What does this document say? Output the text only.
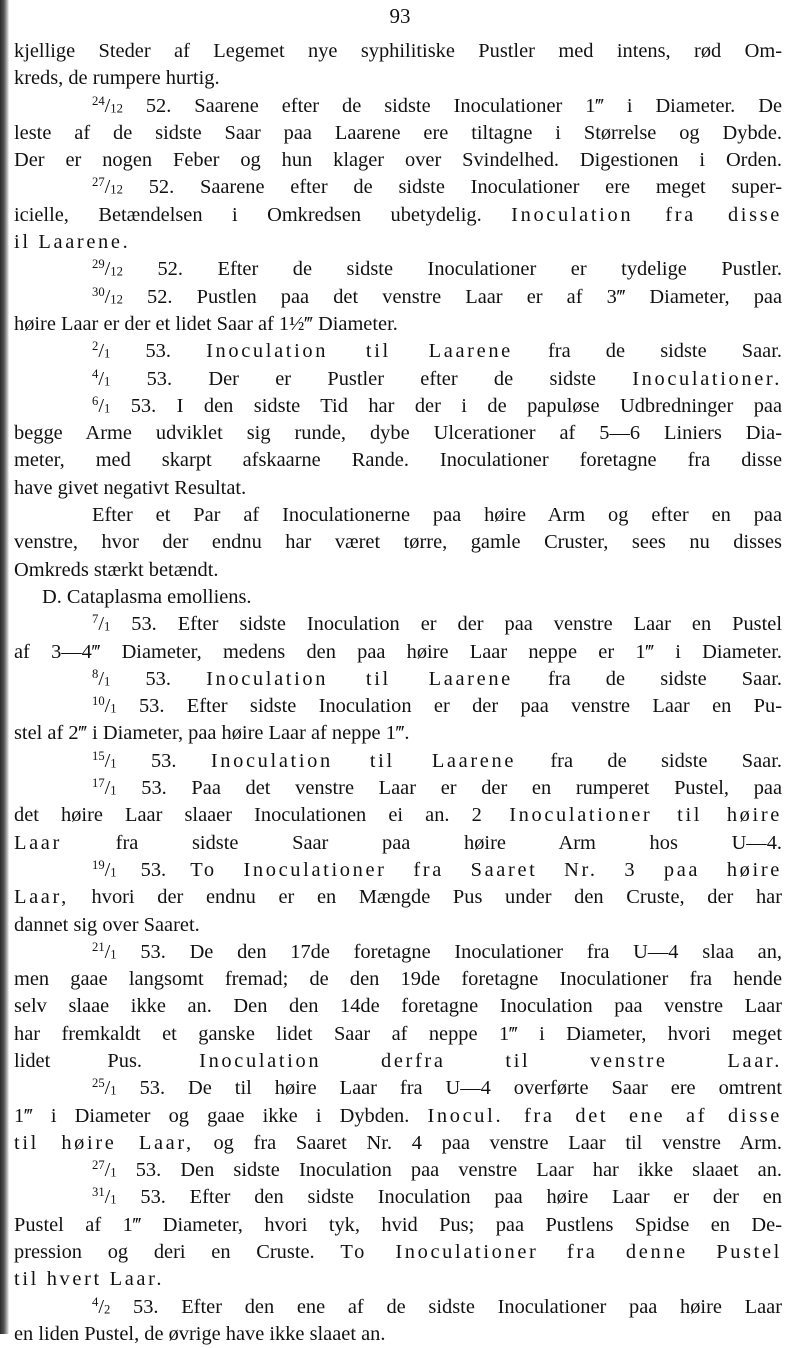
93
kjellige Steder af Legemet nye syphilitiske Pustler med intens, rød Om-
kreds, de rumpere hurtig.
$^{24}/_{12}$ 52. Saarene efter de sidste Inoculationer 1‴ i Diameter. De
leste af de sidste Saar paa Laarene ere tiltagne i Størrelse og Dybde.
Der er nogen Feber og hun klager over Svindelhed. Digestionen i Orden.
$^{27}/_{12}$ 52. Saarene efter de sidste Inoculationer ere meget super-
icielle, Betændelsen i Omkredsen ubetydelig. Inoculation fra disse
il Laarene.
$^{29}/_{12}$ 52. Efter de sidste Inoculationer er tydelige Pustler.
$^{30}/_{12}$ 52. Pustlen paa det venstre Laar er af 3‴ Diameter, paa
høire Laar er der et lidet Saar af 1½‴ Diameter.
$^2/_1$ 53. Inoculation til Laarene fra de sidste Saar.
$^4/_1$ 53. Der er Pustler efter de sidste Inoculationer.
$^6/_1$ 53. I den sidste Tid har der i de papuløse Udbredninger paa
begge Arme udviklet sig runde, dybe Ulcerationer af 5—6 Liniers Dia-
meter, med skarpt afskaarne Rande. Inoculationer foretagne fra disse
have givet negativt Resultat.
Efter et Par af Inoculationerne paa høire Arm og efter en paa
venstre, hvor der endnu har været tørre, gamle Cruster, sees nu disses
Omkreds stærkt betændt.
D. Cataplasma emolliens.
$^7/_1$ 53. Efter sidste Inoculation er der paa venstre Laar en Pustel
af 3—4‴ Diameter, medens den paa høire Laar neppe er 1‴ i Diameter.
$^8/_1$ 53. Inoculation til Laarene fra de sidste Saar.
$^{10}/_1$ 53. Efter sidste Inoculation er der paa venstre Laar en Pu-
stel af 2‴ i Diameter, paa høire Laar af neppe 1‴.
$^{15}/_1$ 53. Inoculation til Laarene fra de sidste Saar.
$^{17}/_1$ 53. Paa det venstre Laar er der en rumperet Pustel, paa
det høire Laar slaaer Inoculationen ei an. 2 Inoculationer til høire
Laar fra sidste Saar paa høire Arm hos U—4.
$^{19}/_1$ 53. To Inoculationer fra Saaret Nr. 3 paa høire
Laar, hvori der endnu er en Mængde Pus under den Cruste, der har
dannet sig over Saaret.
$^{21}/_1$ 53. De den 17de foretagne Inoculationer fra U—4 slaa an,
men gaae langsomt fremad; de den 19de foretagne Inoculationer fra hende
selv slaae ikke an. Den den 14de foretagne Inoculation paa venstre Laar
har fremkaldt et ganske lidet Saar af neppe 1‴ i Diameter, hvori meget
lidet Pus. Inoculation derfra til venstre Laar.
$^{25}/_1$ 53. De til høire Laar fra U—4 overførte Saar ere omtrent
1‴ i Diameter og gaae ikke i Dybden. Inocul. fra det ene af disse
til høire Laar, og fra Saaret Nr. 4 paa venstre Laar til venstre Arm.
$^{27}/_1$ 53. Den sidste Inoculation paa venstre Laar har ikke slaaet an.
$^{31}/_1$ 53. Efter den sidste Inoculation paa høire Laar er der en
Pustel af 1‴ Diameter, hvori tyk, hvid Pus; paa Pustlens Spidse en De-
pression og deri en Cruste. To Inoculationer fra denne Pustel
til hvert Laar.
$^4/_2$ 53. Efter den ene af de sidste Inoculationer paa høire Laar
en liden Pustel, de øvrige have ikke slaaet an.
